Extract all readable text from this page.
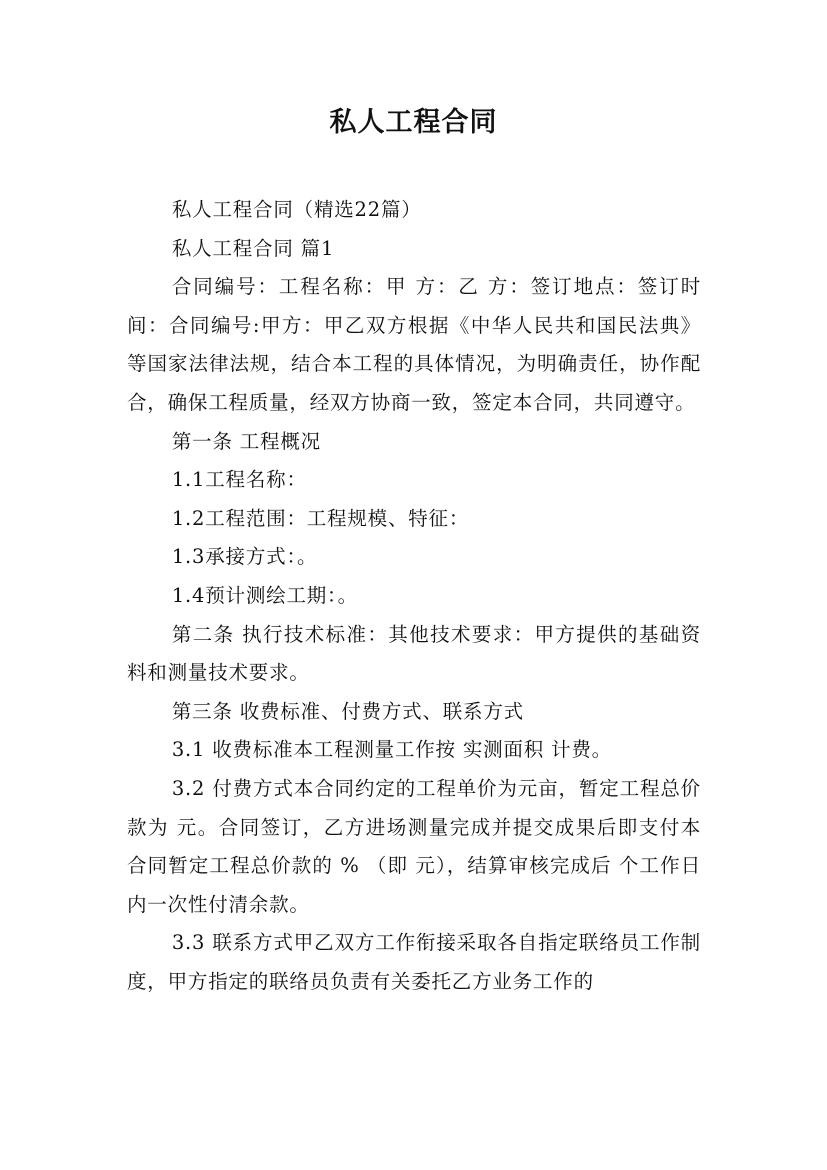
私人工程合同

私人工程合同（精选22篇）

私人工程合同 篇1

合同编号：工程名称：甲 方：乙 方：签订地点：签订时间：合同编号:甲方：甲乙双方根据《中华人民共和国民法典》等国家法律法规，结合本工程的具体情况，为明确责任，协作配合，确保工程质量，经双方协商一致，签定本合同，共同遵守。

第一条 工程概况

1.1工程名称：

1.2工程范围：工程规模、特征：

1.3承接方式：。

1.4预计测绘工期：。

第二条 执行技术标准：其他技术要求：甲方提供的基础资料和测量技术要求。

第三条 收费标准、付费方式、联系方式

3.1 收费标准本工程测量工作按 实测面积 计费。

3.2 付费方式本合同约定的工程单价为元亩，暂定工程总价款为 元。合同签订，乙方进场测量完成并提交成果后即支付本合同暂定工程总价款的 % （即 元），结算审核完成后 个工作日内一次性付清余款。

3.3 联系方式甲乙双方工作衔接采取各自指定联络员工作制度，甲方指定的联络员负责有关委托乙方业务工作的
